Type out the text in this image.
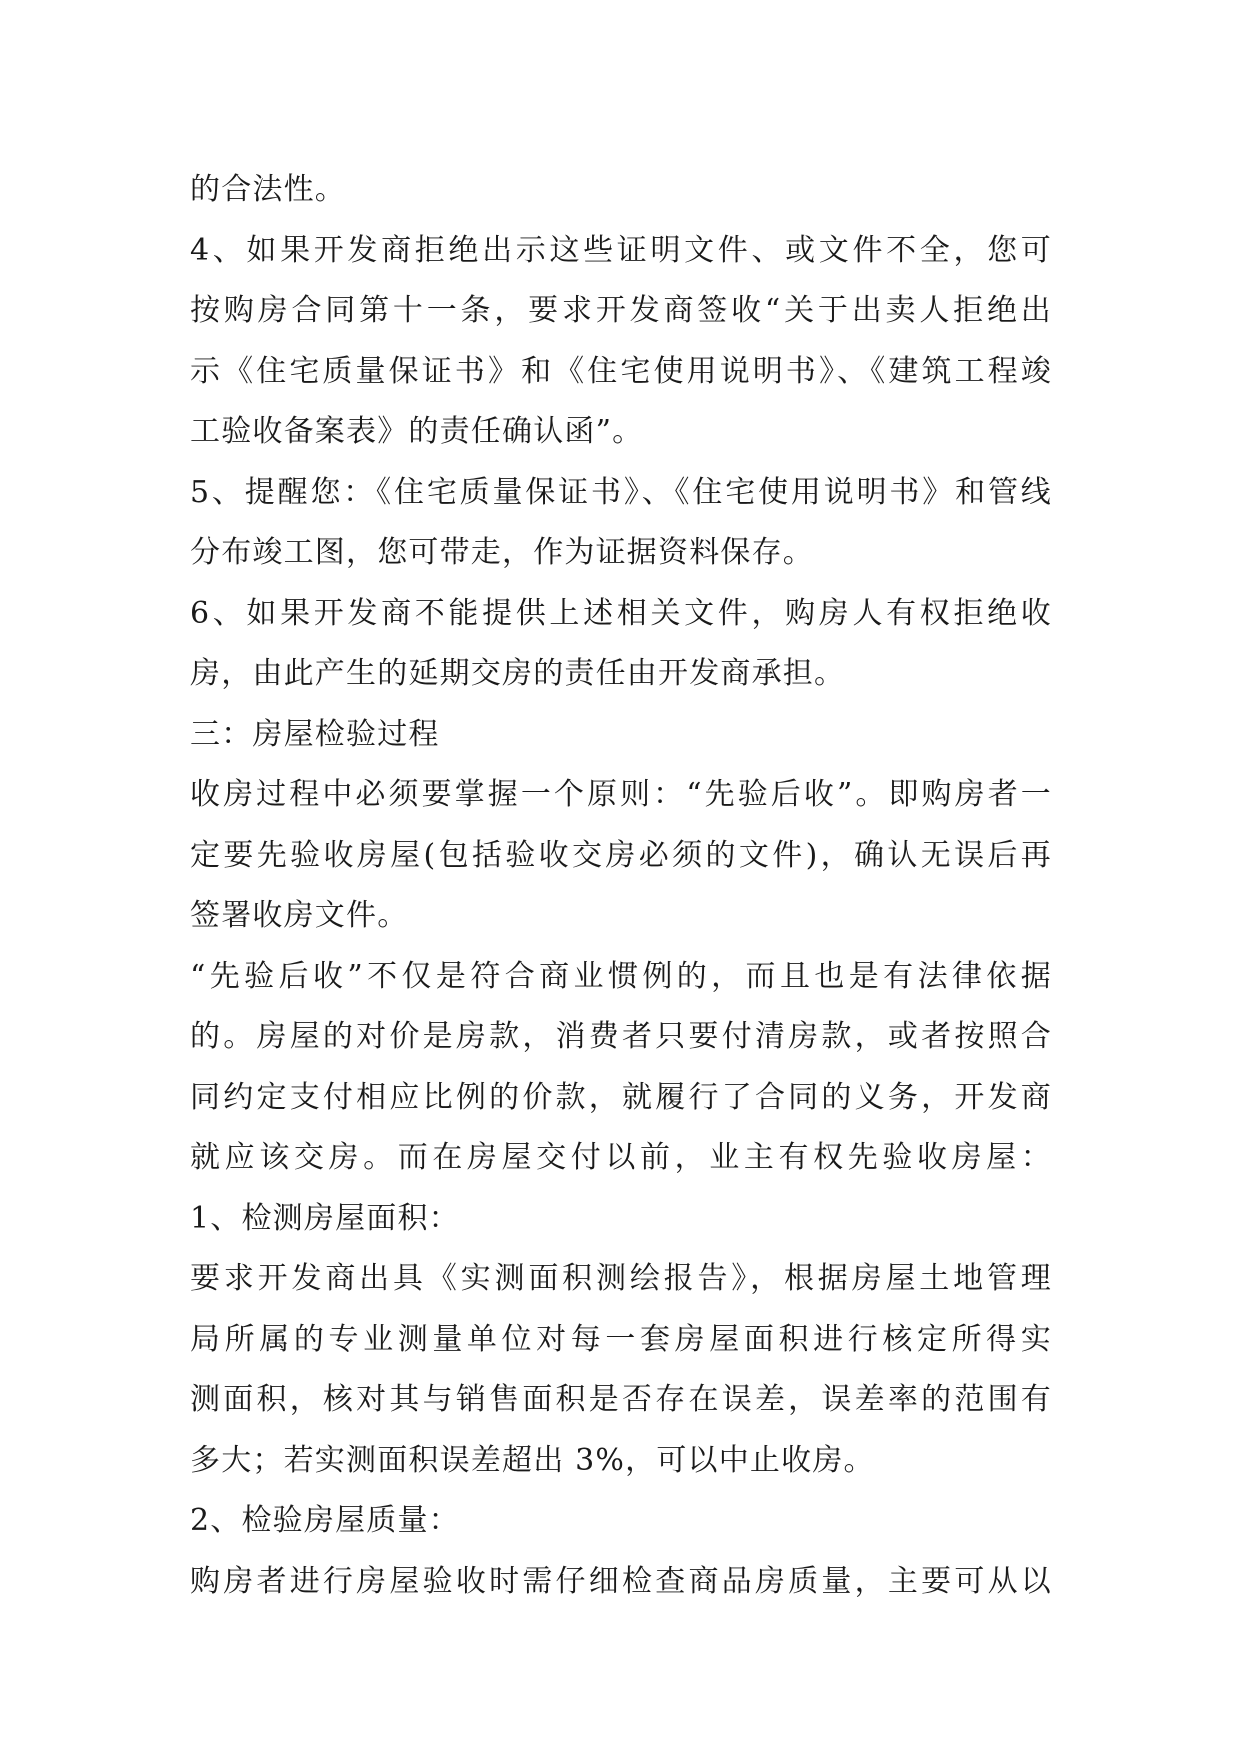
的合法性。
4、如果开发商拒绝出示这些证明文件、或文件不全，您可
按购房合同第十一条，要求开发商签收“关于出卖人拒绝出
示《住宅质量保证书》和《住宅使用说明书》、《建筑工程竣
工验收备案表》的责任确认函”。
5、提醒您：《住宅质量保证书》、《住宅使用说明书》和管线
分布竣工图，您可带走，作为证据资料保存。
6、如果开发商不能提供上述相关文件，购房人有权拒绝收
房，由此产生的延期交房的责任由开发商承担。
三：房屋检验过程
收房过程中必须要掌握一个原则：“先验后收”。即购房者一
定要先验收房屋(包括验收交房必须的文件)，确认无误后再
签署收房文件。
“先验后收”不仅是符合商业惯例的，而且也是有法律依据
的。房屋的对价是房款，消费者只要付清房款，或者按照合
同约定支付相应比例的价款，就履行了合同的义务，开发商
就应该交房。而在房屋交付以前，业主有权先验收房屋：
1、检测房屋面积：
要求开发商出具《实测面积测绘报告》，根据房屋土地管理
局所属的专业测量单位对每一套房屋面积进行核定所得实
测面积，核对其与销售面积是否存在误差，误差率的范围有
多大；若实测面积误差超出 3%，可以中止收房。
2、检验房屋质量：
购房者进行房屋验收时需仔细检查商品房质量，主要可从以
